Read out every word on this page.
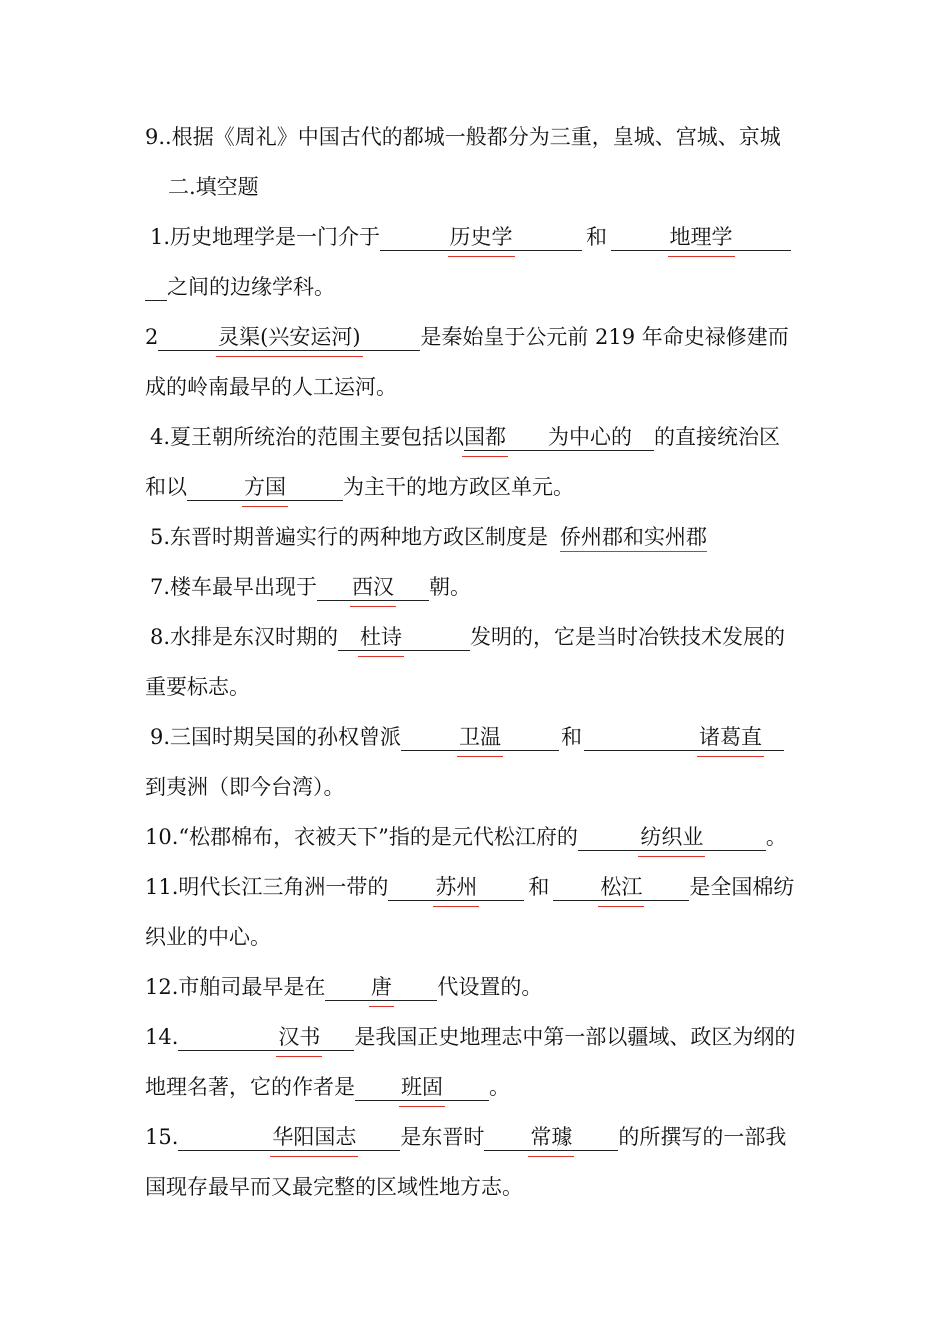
9..根据《周礼》中国古代的都城一般都分为三重，皇城、宫城、京城
二.填空题
1.历史地理学是一门介于	历史学	和	地理学
之间的边缘学科。
2	灵渠(兴安运河)	是秦始皇于公元前 219 年命史禄修建而
成的岭南最早的人工运河。
4.夏王朝所统治的范围主要包括以国都 为中心的 的直接统治区
和以	方国	为主干的地方政区单元。
5.东晋时期普遍实行的两种地方政区制度是 侨州郡和实州郡
7.楼车最早出现于 西汉 朝。
8.水排是东汉时期的 杜诗	发明的，它是当时冶铁技术发展的
重要标志。
9.三国时期吴国的孙权曾派	卫温	和	诸葛直
到夷洲（即今台湾）。
10.“松郡棉布，衣被天下”指的是元代松江府的	纺织业	。
11.明代长江三角洲一带的 苏州 和 松江 是全国棉纺
织业的中心。
12.市舶司最早是在 唐 代设置的。
14.	汉书 是我国正史地理志中第一部以疆域、政区为纲的
地理名著，它的作者是 班固 。
15.	华阳国志 是东晋时 常璩 的所撰写的一部我
国现存最早而又最完整的区域性地方志。
